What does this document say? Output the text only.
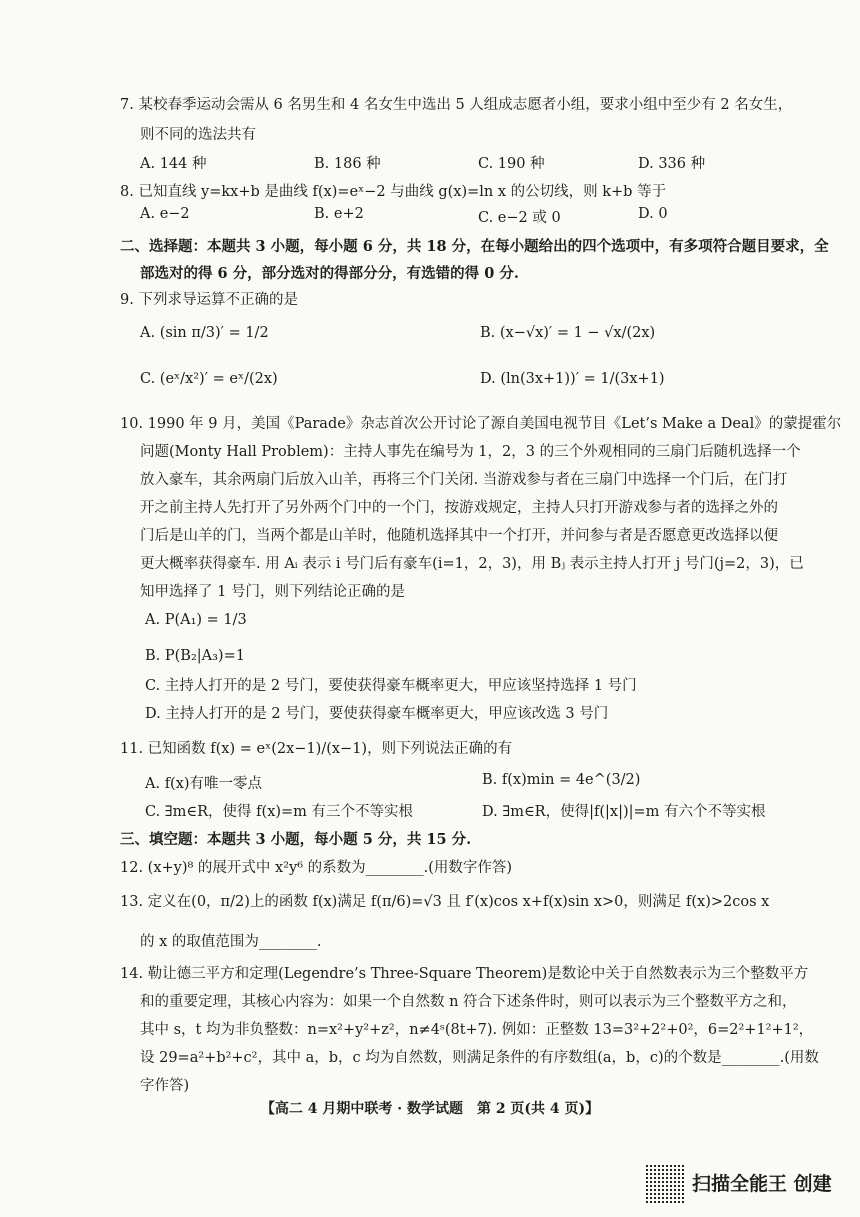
7. 某校春季运动会需从 6 名男生和 4 名女生中选出 5 人组成志愿者小组，要求小组中至少有 2 名女生，
则不同的选法共有
A. 144 种	B. 186 种	C. 190 种	D. 336 种
8. 已知直线 y=kx+b 是曲线 f(x)=eˣ−2 与曲线 g(x)=ln x 的公切线，则 k+b 等于
A. e−2	B. e+2	C. e−2 或 0	D. 0
二、选择题：本题共 3 小题，每小题 6 分，共 18 分，在每小题给出的四个选项中，有多项符合题目要求，全
部选对的得 6 分，部分选对的得部分分，有选错的得 0 分.
9. 下列求导运算不正确的是
A. (sin π/3)′ = 1/2	B. (x−√x)′ = 1 − √x/(2x)
C. (eˣ/x²)′ = eˣ/(2x)	D. (ln(3x+1))′ = 1/(3x+1)
10. 1990 年 9 月，美国《Parade》杂志首次公开讨论了源自美国电视节目《Let’s Make a Deal》的蒙提霍尔
问题(Monty Hall Problem)：主持人事先在编号为 1，2，3 的三个外观相同的三扇门后随机选择一个
放入豪车，其余两扇门后放入山羊，再将三个门关闭. 当游戏参与者在三扇门中选择一个门后，在门打
开之前主持人先打开了另外两个门中的一个门，按游戏规定，主持人只打开游戏参与者的选择之外的
门后是山羊的门，当两个都是山羊时，他随机选择其中一个打开，并问参与者是否愿意更改选择以便
更大概率获得豪车. 用 Aᵢ 表示 i 号门后有豪车(i=1，2，3)，用 Bⱼ 表示主持人打开 j 号门(j=2，3)，已
知甲选择了 1 号门，则下列结论正确的是
A. P(A₁) = 1/3
B. P(B₂|A₃)=1
C. 主持人打开的是 2 号门，要使获得豪车概率更大，甲应该坚持选择 1 号门
D. 主持人打开的是 2 号门，要使获得豪车概率更大，甲应该改选 3 号门
11. 已知函数 f(x) = eˣ(2x−1)/(x−1)，则下列说法正确的有
A. f(x)有唯一零点	B. f(x)min = 4e^(3/2)
C. ∃m∈R，使得 f(x)=m 有三个不等实根	D. ∃m∈R，使得|f(|x|)|=m 有六个不等实根
三、填空题：本题共 3 小题，每小题 5 分，共 15 分.
12. (x+y)⁸ 的展开式中 x²y⁶ 的系数为________.(用数字作答)
13. 定义在(0，π/2)上的函数 f(x)满足 f(π/6)=√3 且 f′(x)cos x+f(x)sin x>0，则满足 f(x)>2cos x
的 x 的取值范围为________.
14. 勒让德三平方和定理(Legendre’s Three-Square Theorem)是数论中关于自然数表示为三个整数平方
和的重要定理，其核心内容为：如果一个自然数 n 符合下述条件时，则可以表示为三个整数平方之和，
其中 s，t 均为非负整数：n=x²+y²+z²，n≠4ˢ(8t+7). 例如：正整数 13=3²+2²+0²，6=2²+1²+1²，
设 29=a²+b²+c²，其中 a，b，c 均为自然数，则满足条件的有序数组(a，b，c)的个数是________.(用数
字作答)
【高二 4 月期中联考 · 数学试题　第 2 页(共 4 页)】
扫描全能王 创建
